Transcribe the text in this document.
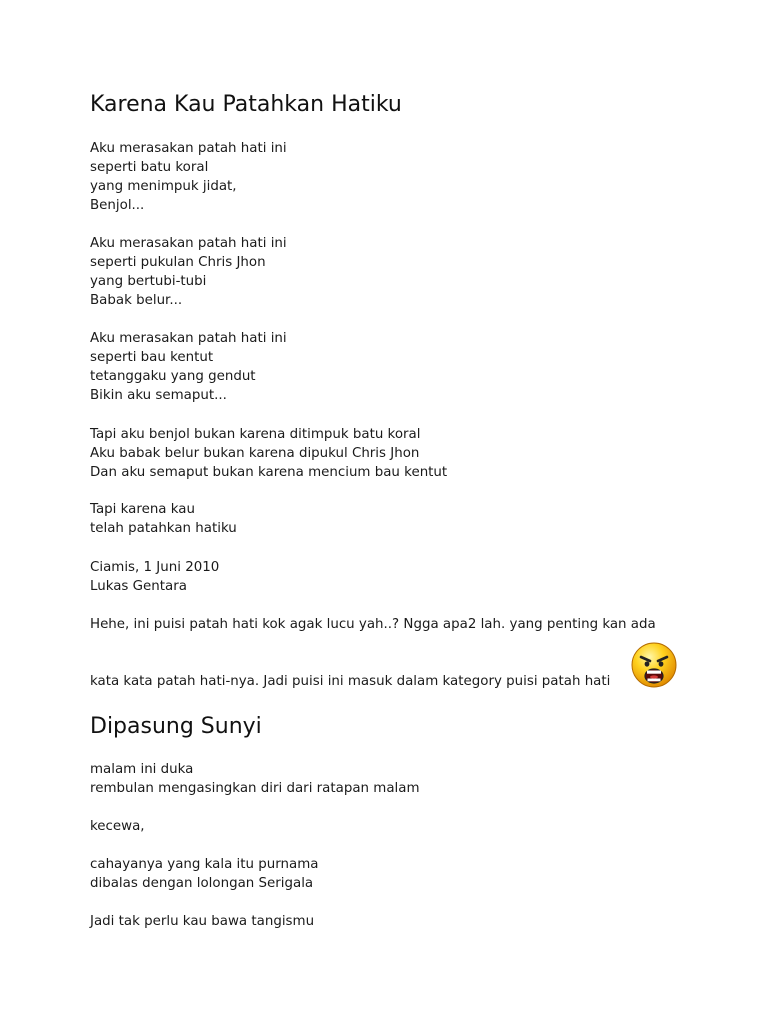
Karena Kau Patahkan Hatiku
Aku merasakan patah hati ini
seperti batu koral
yang menimpuk jidat,
Benjol...
Aku merasakan patah hati ini
seperti pukulan Chris Jhon
yang bertubi-tubi
Babak belur...
Aku merasakan patah hati ini
seperti bau kentut
tetanggaku yang gendut
Bikin aku semaput...
Tapi aku benjol bukan karena ditimpuk batu koral
Aku babak belur bukan karena dipukul Chris Jhon
Dan aku semaput bukan karena mencium bau kentut
Tapi karena kau
telah patahkan hatiku
Ciamis, 1 Juni 2010
Lukas Gentara
Hehe, ini puisi patah hati kok agak lucu yah..? Ngga apa2 lah. yang penting kan ada
kata kata patah hati-nya. Jadi puisi ini masuk dalam kategory puisi patah hati
Dipasung Sunyi
malam ini duka
rembulan mengasingkan diri dari ratapan malam
kecewa,
cahayanya yang kala itu purnama
dibalas dengan lolongan Serigala
Jadi tak perlu kau bawa tangismu
